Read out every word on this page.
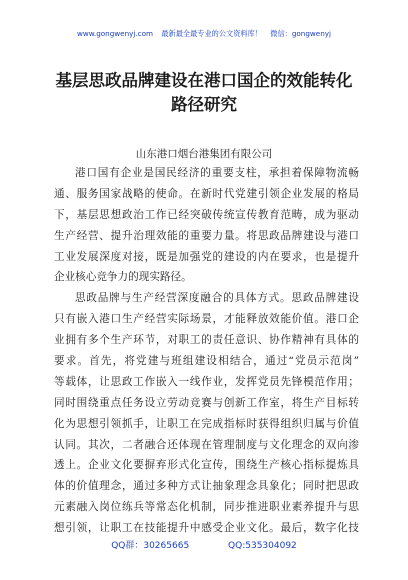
www.gongwenyj.com 最新最全最专业的公文资料库！ 微信：gongwenyj
基层思政品牌建设在港口国企的效能转化
路径研究
山东港口烟台港集团有限公司
港口国有企业是国民经济的重要支柱，承担着保障物流畅
通、服务国家战略的使命。在新时代党建引领企业发展的格局
下，基层思想政治工作已经突破传统宣传教育范畴，成为驱动
生产经营、提升治理效能的重要力量。将思政品牌建设与港口
工业发展深度对接，既是加强党的建设的内在要求，也是提升
企业核心竞争力的现实路径。
思政品牌与生产经营深度融合的具体方式。思政品牌建设
只有嵌入港口生产经营实际场景，才能释放效能价值。港口企
业拥有多个生产环节，对职工的责任意识、协作精神有具体的
要求。首先，将党建与班组建设相结合，通过“党员示范岗”
等载体，让思政工作嵌入一线作业，发挥党员先锋模范作用；
同时围绕重点任务设立劳动竞赛与创新工作室，将生产目标转
化为思想引领抓手，让职工在完成指标时获得组织归属与价值
认同。其次，二者融合还体现在管理制度与文化理念的双向渗
透上。企业文化要摒弃形式化宣传，围绕生产核心指标提炼具
体的价值理念，通过多种方式让抽象理念具象化；同时把思政
元素融入岗位练兵等常态化机制，同步推进职业素养提升与思
想引领，让职工在技能提升中感受企业文化。最后，数字化技
QQ群：30265665	QQ:535304092
